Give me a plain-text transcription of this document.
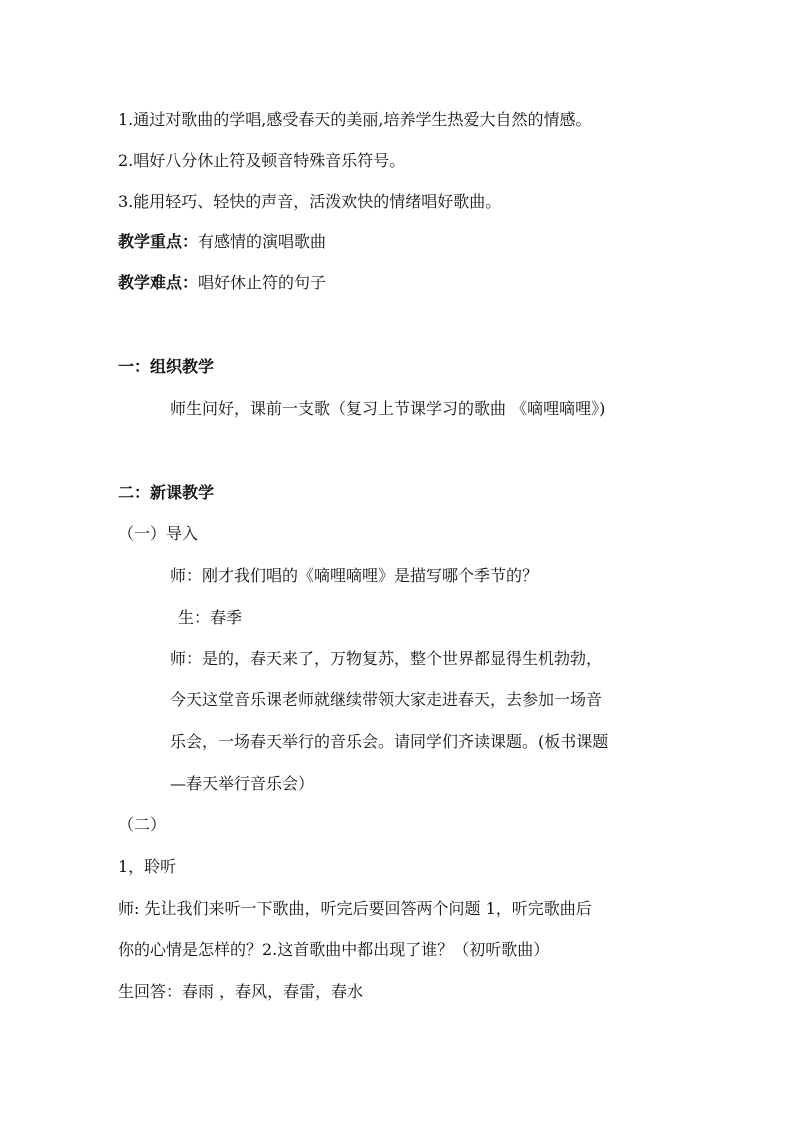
1.通过对歌曲的学唱,感受春天的美丽,培养学生热爱大自然的情感。
2.唱好八分休止符及顿音特殊音乐符号。
3.能用轻巧、轻快的声音，活泼欢快的情绪唱好歌曲。
教学重点：有感情的演唱歌曲
教学难点：唱好休止符的句子
一：组织教学
师生问好，课前一支歌（复习上节课学习的歌曲 《嘀哩嘀哩》)
二：新课教学
（一）导入
师：刚才我们唱的《嘀哩嘀哩》是描写哪个季节的？
生：春季
师：是的，春天来了，万物复苏，整个世界都显得生机勃勃，
今天这堂音乐课老师就继续带领大家走进春天，去参加一场音
乐会，一场春天举行的音乐会。请同学们齐读课题。(板书课题
—春天举行音乐会）
（二）
1，聆听
师: 先让我们来听一下歌曲，听完后要回答两个问题 1，听完歌曲后
你的心情是怎样的？2.这首歌曲中都出现了谁？（初听歌曲）
生回答：春雨 ，春风，春雷，春水
